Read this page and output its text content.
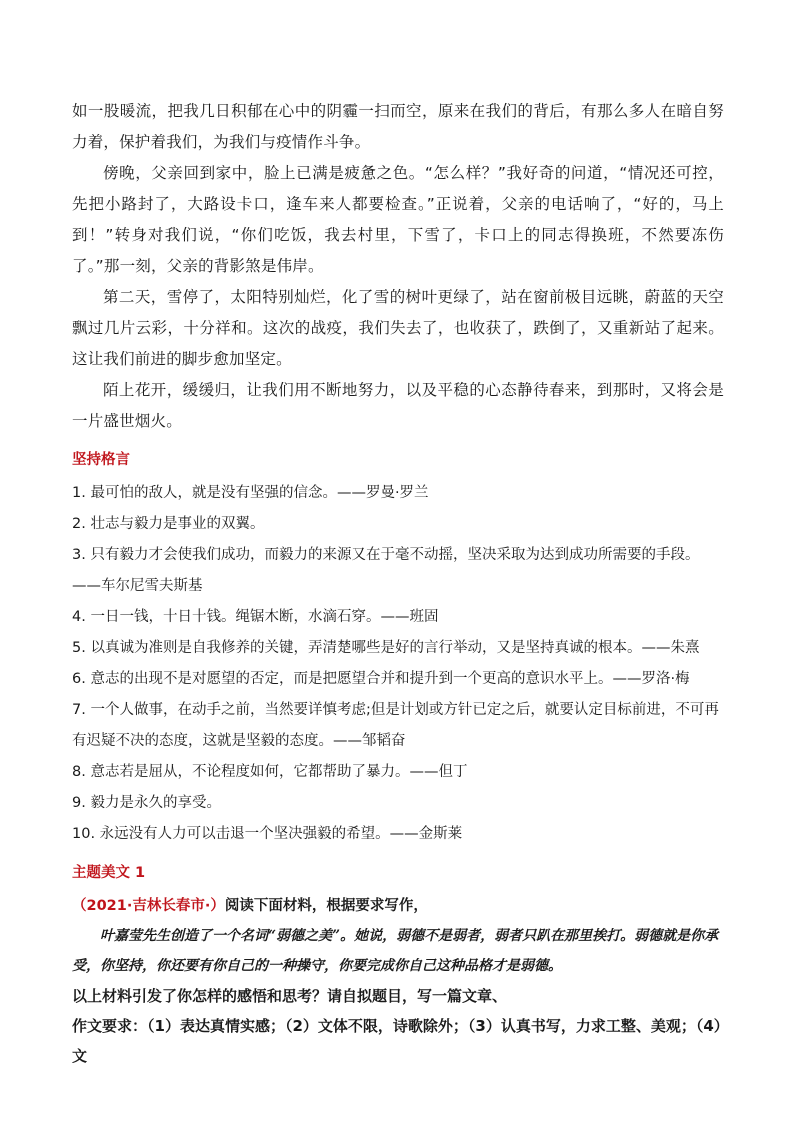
如一股暖流，把我几日积郁在心中的阴霾一扫而空，原来在我们的背后，有那么多人在暗自努力着，保护着我们，为我们与疫情作斗争。

傍晚，父亲回到家中，脸上已满是疲惫之色。“怎么样？”我好奇的问道，“情况还可控，先把小路封了，大路设卡口，逢车来人都要检查。”正说着，父亲的电话响了，“好的，马上到！”转身对我们说，“你们吃饭，我去村里，下雪了，卡口上的同志得换班，不然要冻伤了。”那一刻，父亲的背影煞是伟岸。

第二天，雪停了，太阳特别灿烂，化了雪的树叶更绿了，站在窗前极目远眺，蔚蓝的天空飘过几片云彩，十分祥和。这次的战疫，我们失去了，也收获了，跌倒了，又重新站了起来。这让我们前进的脚步愈加坚定。

陌上花开，缓缓归，让我们用不断地努力，以及平稳的心态静待春来，到那时，又将会是一片盛世烟火。

坚持格言
1. 最可怕的敌人，就是没有坚强的信念。——罗曼·罗兰
2. 壮志与毅力是事业的双翼。
3. 只有毅力才会使我们成功，而毅力的来源又在于毫不动摇，坚决采取为达到成功所需要的手段。——车尔尼雪夫斯基
4. 一日一钱，十日十钱。绳锯木断，水滴石穿。——班固
5. 以真诚为准则是自我修养的关键，弄清楚哪些是好的言行举动，又是坚持真诚的根本。——朱熹
6. 意志的出现不是对愿望的否定，而是把愿望合并和提升到一个更高的意识水平上。——罗洛·梅
7. 一个人做事，在动手之前，当然要详慎考虑;但是计划或方针已定之后，就要认定目标前进，不可再有迟疑不决的态度，这就是坚毅的态度。——邹韬奋
8. 意志若是屈从，不论程度如何，它都帮助了暴力。——但丁
9. 毅力是永久的享受。
10. 永远没有人力可以击退一个坚决强毅的希望。——金斯莱
主题美文 1
（2021·吉林长春市·）阅读下面材料，根据要求写作，

叶嘉莹先生创造了一个名词“弱德之美”。她说，弱德不是弱者，弱者只趴在那里挨打。弱德就是你承受，你坚持，你还要有你自己的一种操守，你要完成你自己这种品格才是弱德。

以上材料引发了你怎样的感悟和思考？请自拟题目，写一篇文章、

作文要求：（1）表达真情实感；（2）文体不限，诗歌除外；（3）认真书写，力求工整、美观；（4）文
